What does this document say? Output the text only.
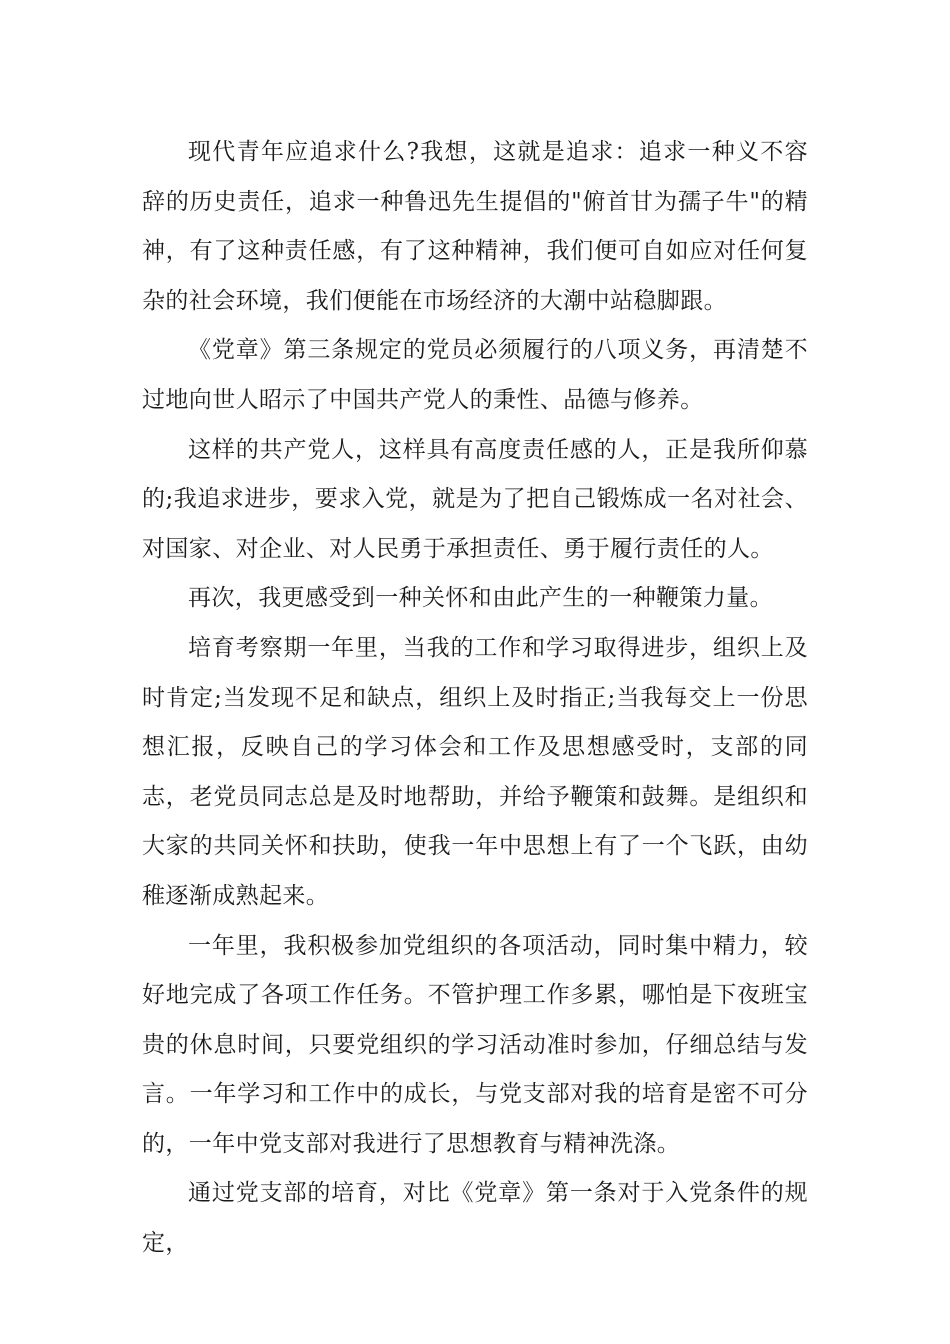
现代青年应追求什么?我想，这就是追求：追求一种义不容辞的历史责任，追求一种鲁迅先生提倡的"俯首甘为孺子牛"的精神，有了这种责任感，有了这种精神，我们便可自如应对任何复杂的社会环境，我们便能在市场经济的大潮中站稳脚跟。

《党章》第三条规定的党员必须履行的八项义务，再清楚不过地向世人昭示了中国共产党人的秉性、品德与修养。

这样的共产党人，这样具有高度责任感的人，正是我所仰慕的;我追求进步，要求入党，就是为了把自己锻炼成一名对社会、对国家、对企业、对人民勇于承担责任、勇于履行责任的人。

再次，我更感受到一种关怀和由此产生的一种鞭策力量。

培育考察期一年里，当我的工作和学习取得进步，组织上及时肯定;当发现不足和缺点，组织上及时指正;当我每交上一份思想汇报，反映自己的学习体会和工作及思想感受时，支部的同志，老党员同志总是及时地帮助，并给予鞭策和鼓舞。是组织和大家的共同关怀和扶助，使我一年中思想上有了一个飞跃，由幼稚逐渐成熟起来。

一年里，我积极参加党组织的各项活动，同时集中精力，较好地完成了各项工作任务。不管护理工作多累，哪怕是下夜班宝贵的休息时间，只要党组织的学习活动准时参加，仔细总结与发言。一年学习和工作中的成长，与党支部对我的培育是密不可分的，一年中党支部对我进行了思想教育与精神洗涤。

通过党支部的培育，对比《党章》第一条对于入党条件的规定，
